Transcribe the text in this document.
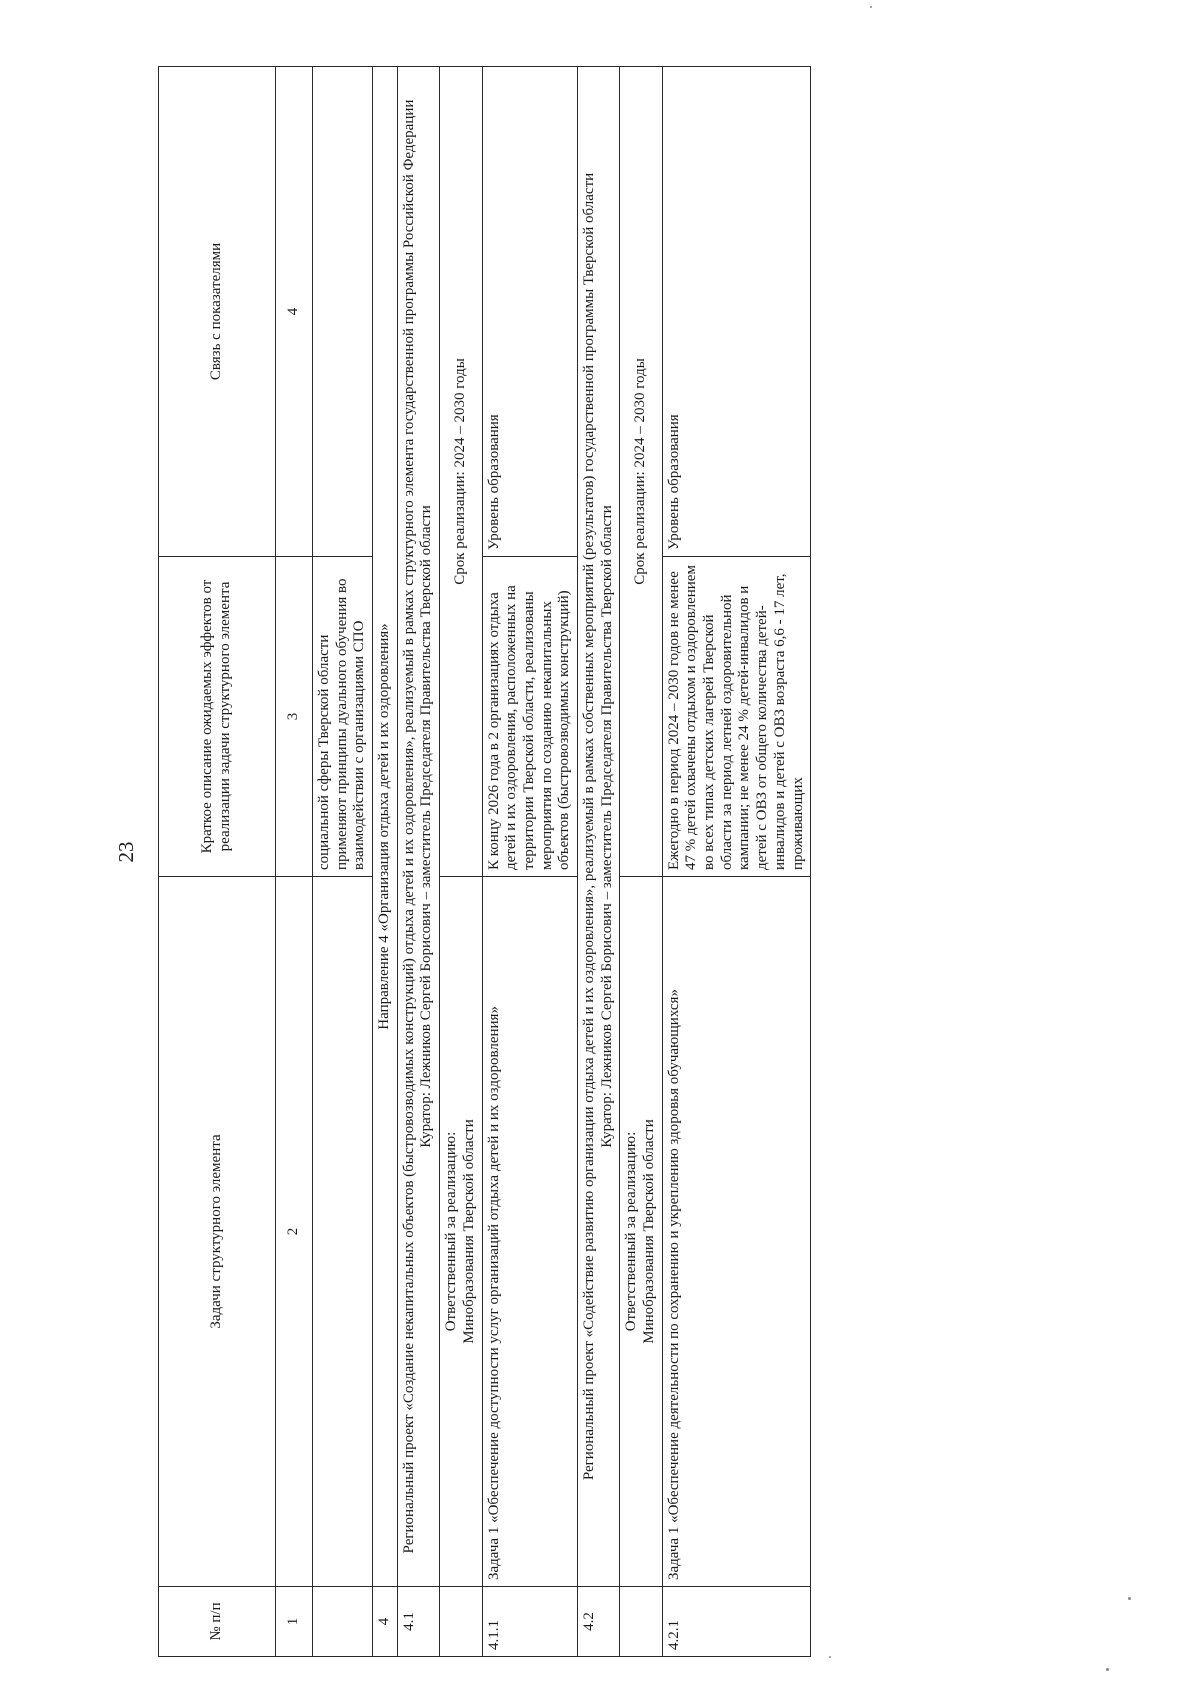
23
№ п/п	Задачи структурного элемента	Краткое описание ожидаемых эффектов от реализации задачи структурного элемента	Связь с показателями
1	2	3	4
		социальной сферы Тверской области применяют принципы дуального обучения во взаимодействии с организациями СПО	
4	Направление 4 «Организация отдыха детей и их оздоровления»		
4.1	Региональный проект «Создание некапитальных объектов (быстровозводимых конструкций) отдыха детей и их оздоровления», реализуемый в рамках структурного элемента государственной программы Российской Федерации Куратор: Лежников Сергей Борисович – заместитель Председателя Правительства Тверской области		

	Ответственный за реализацию: Минобразования Тверской области	Срок реализации: 2024 – 2030 годы	
4.1.1	Задача 1 «Обеспечение доступности услуг организаций отдыха детей и их оздоровления»	К концу 2026 года в 2 организациях отдыха детей и их оздоровления, расположенных на территории Тверской области, реализованы мероприятия по созданию некапитальных объектов (быстровозводимых конструкций)	Уровень образования
4.2	Региональный проект «Содействие развитию организации отдыха детей и их оздоровления», реализуемый в рамках собственных мероприятий (результатов) государственной программы Тверской области Куратор: Лежников Сергей Борисович – заместитель Председателя Правительства Тверской области		

	Ответственный за реализацию: Минобразования Тверской области	Срок реализации: 2024 – 2030 годы	
4.2.1	Задача 1 «Обеспечение деятельности по сохранению и укреплению здоровья обучающихся»	Ежегодно в период 2024 – 2030 годов не менее 47 % детей охвачены отдыхом и оздоровлением во всех типах детских лагерей Тверской области за период летней оздоровительной кампании; не менее 24 % детей-инвалидов и детей с ОВЗ от общего количества детей-инвалидов и детей с ОВЗ возраста 6,6 - 17 лет, проживающих	Уровень образования
